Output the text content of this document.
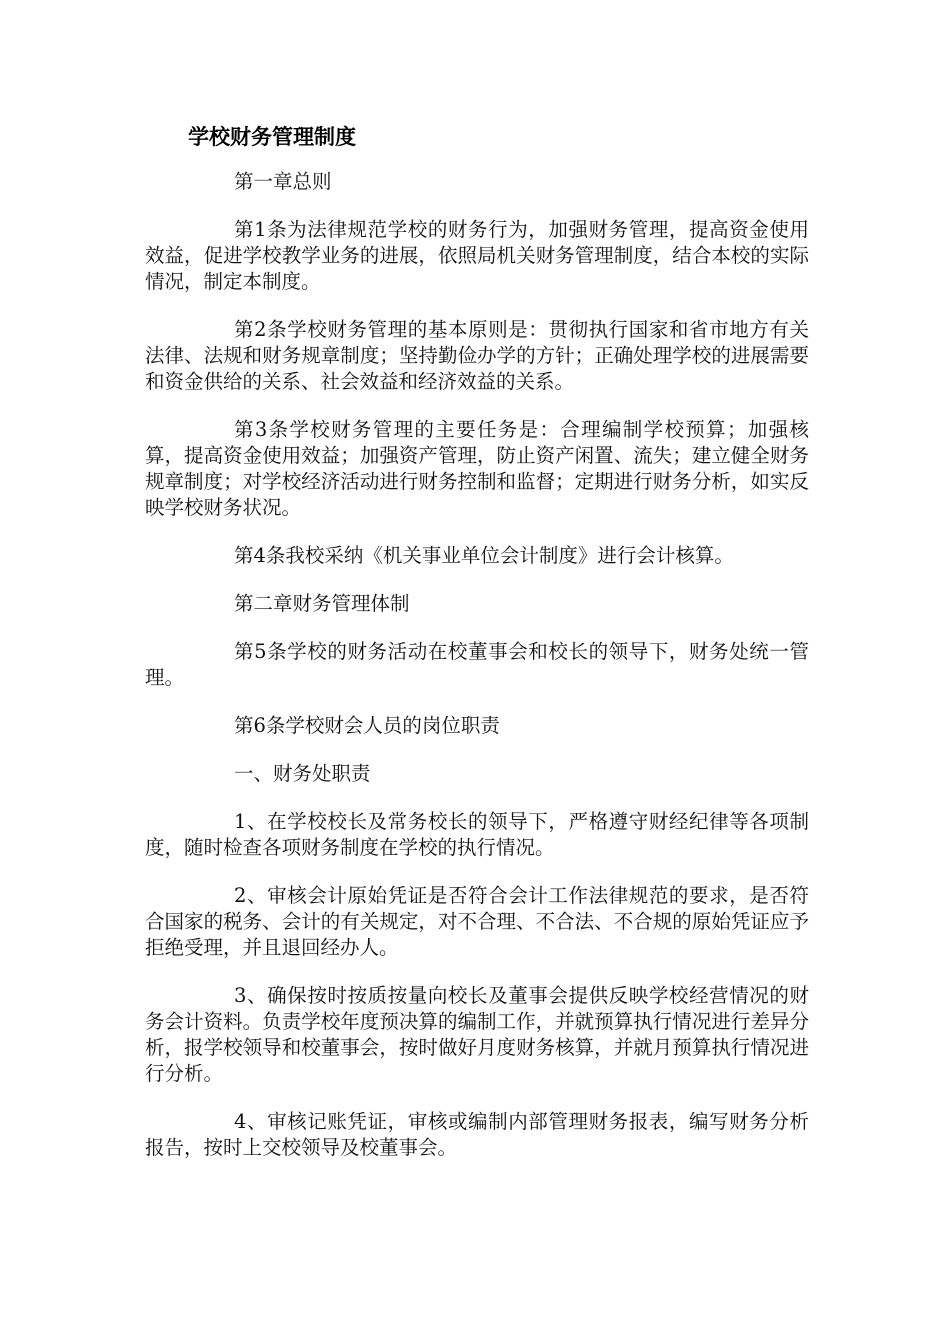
学校财务管理制度

第一章总则

第1条为法律规范学校的财务行为，加强财务管理，提高资金使用效益，促进学校教学业务的进展，依照局机关财务管理制度，结合本校的实际情况，制定本制度。

第2条学校财务管理的基本原则是：贯彻执行国家和省市地方有关法律、法规和财务规章制度；坚持勤俭办学的方针；正确处理学校的进展需要和资金供给的关系、社会效益和经济效益的关系。

第3条学校财务管理的主要任务是：合理编制学校预算；加强核算，提高资金使用效益；加强资产管理，防止资产闲置、流失；建立健全财务规章制度；对学校经济活动进行财务控制和监督；定期进行财务分析，如实反映学校财务状况。

第4条我校采纳《机关事业单位会计制度》进行会计核算。

第二章财务管理体制

第5条学校的财务活动在校董事会和校长的领导下，财务处统一管理。

第6条学校财会人员的岗位职责

一、财务处职责

1、在学校校长及常务校长的领导下，严格遵守财经纪律等各项制度，随时检查各项财务制度在学校的执行情况。

2、审核会计原始凭证是否符合会计工作法律规范的要求，是否符合国家的税务、会计的有关规定，对不合理、不合法、不合规的原始凭证应予拒绝受理，并且退回经办人。

3、确保按时按质按量向校长及董事会提供反映学校经营情况的财务会计资料。负责学校年度预决算的编制工作，并就预算执行情况进行差异分析，报学校领导和校董事会，按时做好月度财务核算，并就月预算执行情况进行分析。

4、审核记账凭证，审核或编制内部管理财务报表，编写财务分析报告，按时上交校领导及校董事会。
